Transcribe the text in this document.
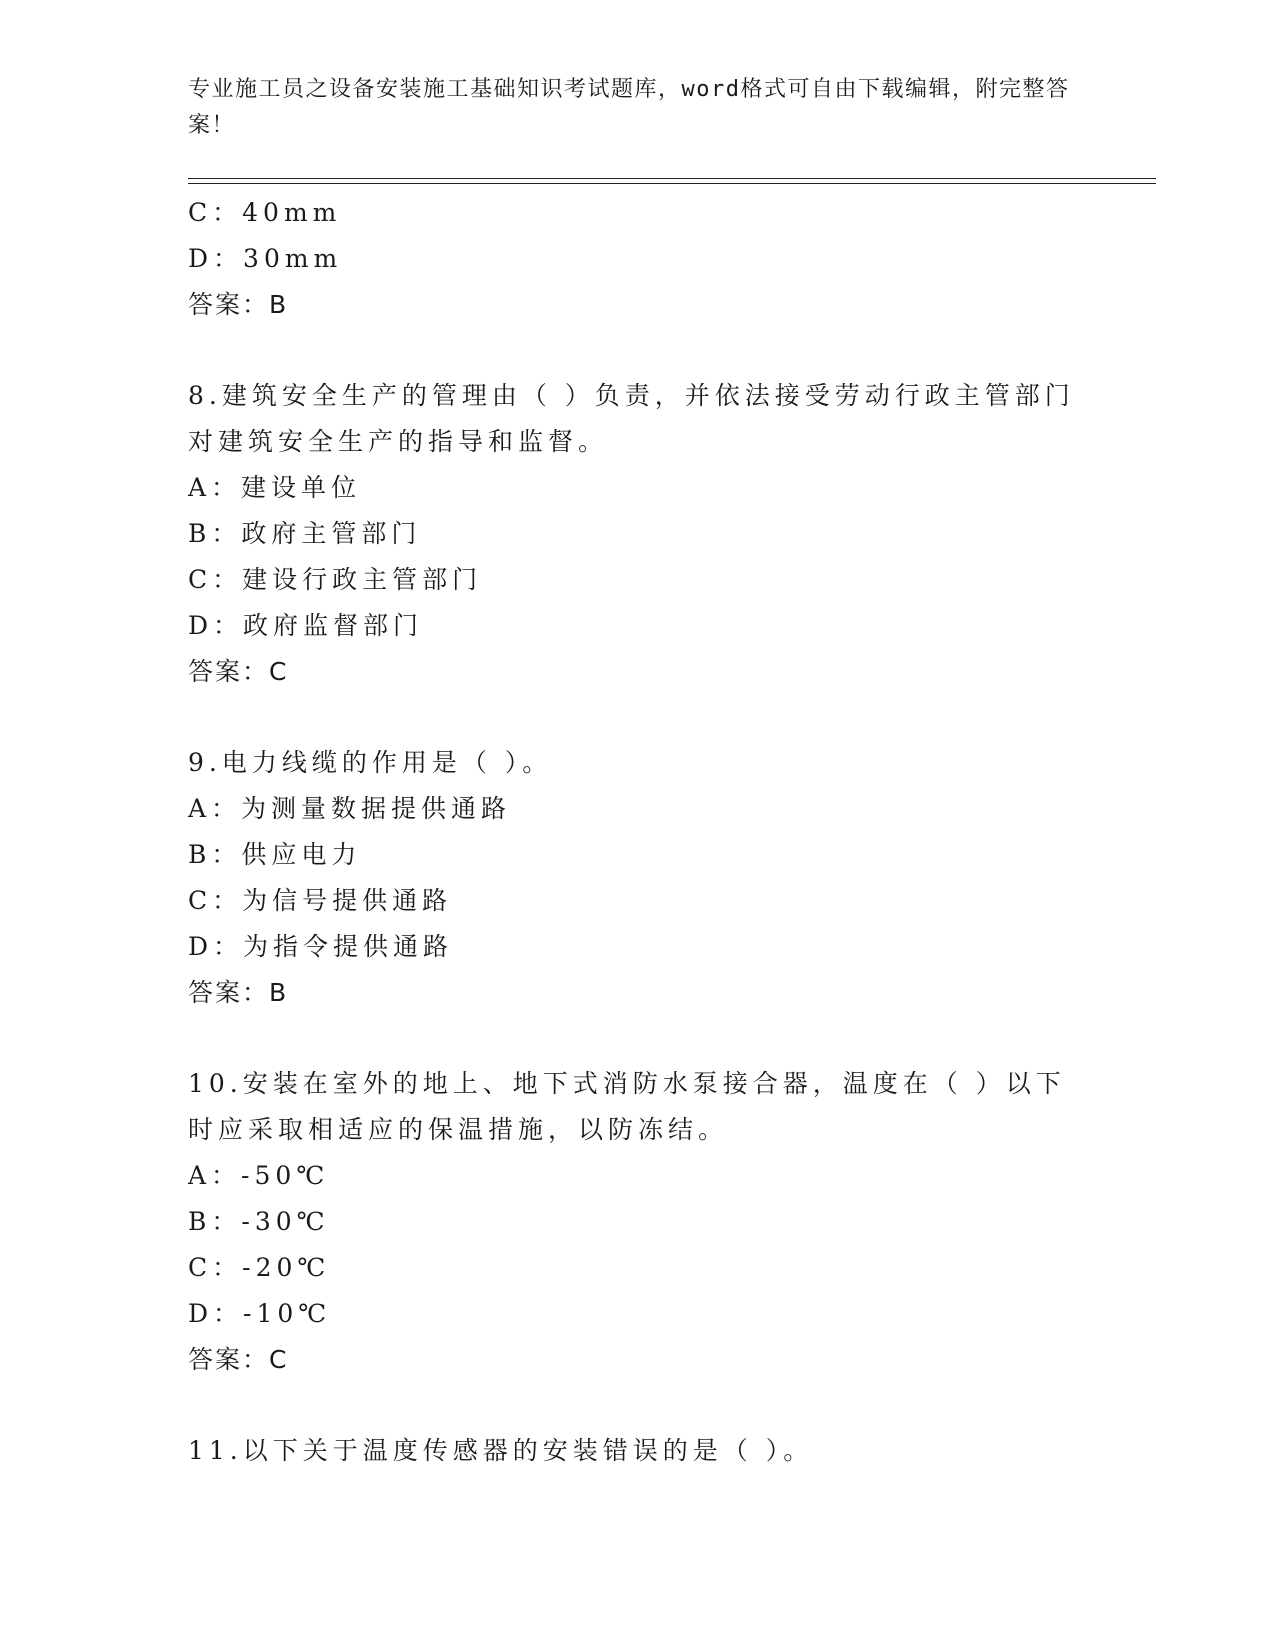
专业施工员之设备安装施工基础知识考试题库，word格式可自由下载编辑，附完整答案！
C：40mm
D：30mm
答案：B
8.建筑安全生产的管理由（ ）负责，并依法接受劳动行政主管部门对建筑安全生产的指导和监督。
A：建设单位
B：政府主管部门
C：建设行政主管部门
D：政府监督部门
答案：C
9.电力线缆的作用是（ ）。
A：为测量数据提供通路
B：供应电力
C：为信号提供通路
D：为指令提供通路
答案：B
10.安装在室外的地上、地下式消防水泵接合器，温度在（ ）以下时应采取相适应的保温措施，以防冻结。
A：-50℃
B：-30℃
C：-20℃
D：-10℃
答案：C
11.以下关于温度传感器的安装错误的是（ ）。
